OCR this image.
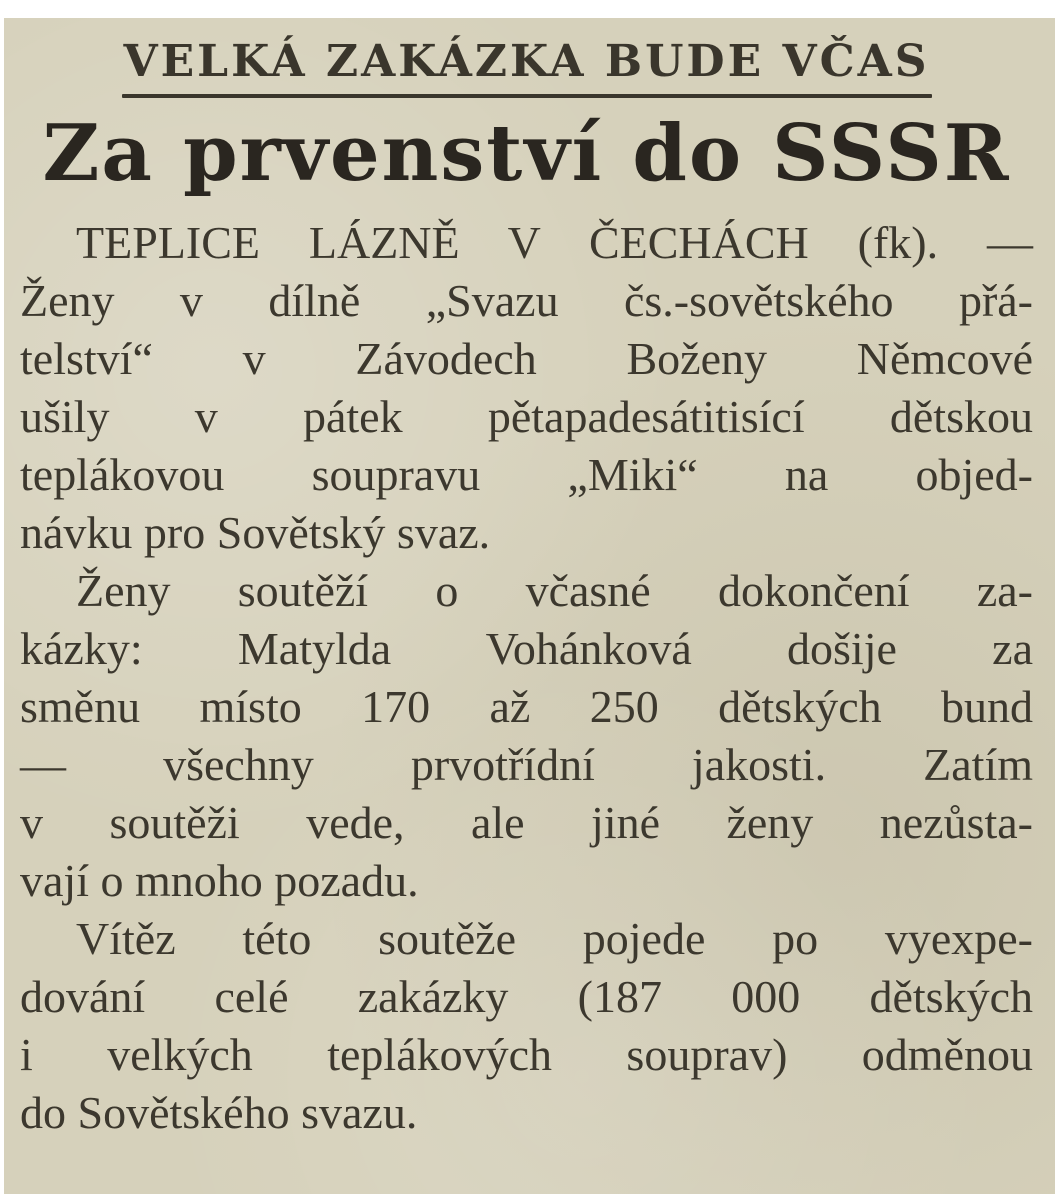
VELKÁ ZAKÁZKA BUDE VČAS
Za prvenství do SSSR

TEPLICE LÁZNĚ V ČECHÁCH (fk). —
Ženy v dílně „Svazu čs.-sovětského přá-
telství“ v Závodech Boženy Němcové
ušily v pátek pětapadesátitisící dětskou
teplákovou soupravu „Miki“ na objed-
návku pro Sovětský svaz.

Ženy soutěží o včasné dokončení za-
kázky: Matylda Vohánková došije za
směnu místo 170 až 250 dětských bund
— všechny prvotřídní jakosti. Zatím
v soutěži vede, ale jiné ženy nezůsta-
vají o mnoho pozadu.

Vítěz této soutěže pojede po vyexpe-
dování celé zakázky (187 000 dětských
i velkých teplákových souprav) odměnou
do Sovětského svazu.
